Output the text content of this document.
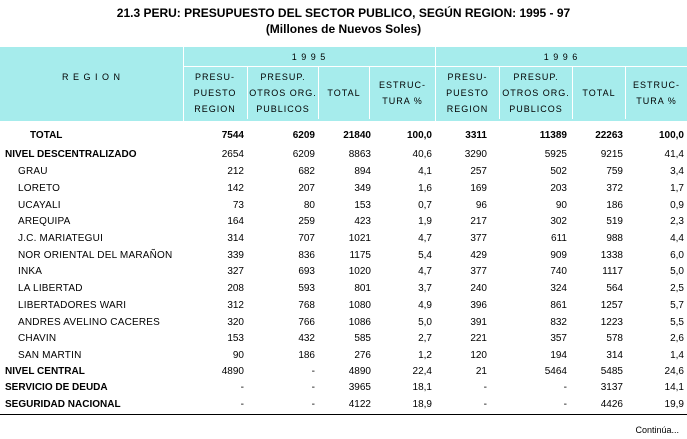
21.3 PERU: PRESUPUESTO DEL SECTOR PUBLICO, SEGÚN REGION: 1995 - 97
(Millones de Nuevos Soles)
R E G I O N
1 9 9 5	1 9 9 6
PRESU- PUESTO REGION
PRESUP. OTROS ORG. PUBLICOS
TOTAL
ESTRUC- TURA %
PRESU- PUESTO REGION
PRESUP. OTROS ORG. PUBLICOS
TOTAL
ESTRUC- TURA %
TOTAL	7544	6209	21840	100,0	3311	11389	22263	100,0
NIVEL DESCENTRALIZADO	2654	6209	8863	40,6	3290	5925	9215	41,4
GRAU	212	682	894	4,1	257	502	759	3,4
LORETO	142	207	349	1,6	169	203	372	1,7
UCAYALI	73	80	153	0,7	96	90	186	0,9
AREQUIPA	164	259	423	1,9	217	302	519	2,3
J.C. MARIATEGUI	314	707	1021	4,7	377	611	988	4,4
NOR ORIENTAL DEL MARAÑON	339	836	1175	5,4	429	909	1338	6,0
INKA	327	693	1020	4,7	377	740	1117	5,0
LA LIBERTAD	208	593	801	3,7	240	324	564	2,5
LIBERTADORES WARI	312	768	1080	4,9	396	861	1257	5,7
ANDRES AVELINO CACERES	320	766	1086	5,0	391	832	1223	5,5
CHAVIN	153	432	585	2,7	221	357	578	2,6
SAN MARTIN	90	186	276	1,2	120	194	314	1,4
NIVEL CENTRAL	4890	-	4890	22,4	21	5464	5485	24,6
SERVICIO DE DEUDA	-	-	3965	18,1	-	-	3137	14,1
SEGURIDAD NACIONAL	-	-	4122	18,9	-	-	4426	19,9
Continúa...
